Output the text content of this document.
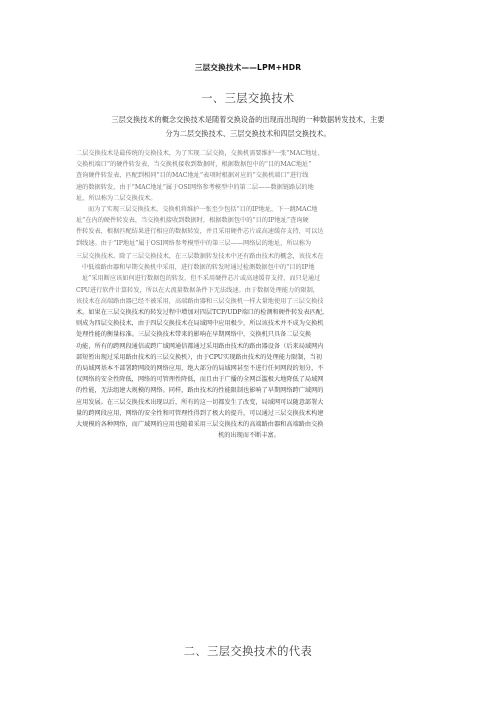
三层交换技术——LPM+HDR
一、三层交换技术
三层交换技术的概念交换技术是随着交换设备的出现而出现的一种数据转发技术，主要
分为二层交换技术、三层交换技术和四层交换技术。
二层交换技术是最传统的交换技术，为了实现二层交换，交换机需要维护一张“MAC地址、
交换机端口”的硬件转发表，当交换机接收到数据时，根据数据包中的“目的MAC地址”
查询硬件转发表，匹配到相同“目的MAC地址”表项时根据对应的“交换机端口”进行线
速的数据转发，由于“MAC地址”属于OSI网络参考模型中的第二层——数据链路层的地
址，所以称为二层交换技术。
而为了实现三层交换技术，交换机将维护一张至少包括“目的IP地址，下一跳MAC地
址”在内的硬件转发表，当交换机接收到数据时，根据数据包中的“目的IP地址”查询硬
件转发表，根据匹配结果进行相应的数据转发，并且采用硬件芯片或高速缓存支持，可以达
到线速。由于“IP地址”属于OSI网络参考模型中的第三层——网络层的地址，所以称为
三层交换技术。除了三层交换技术，在三层数据转发技术中还有路由技术的概念，该技术在
中低端路由器和早期交换机中采用，进行数据的转发时通过检测数据包中的“目的IP地
址”采用断应该如何进行数据包的转发，但不采用硬件芯片或高速缓存支持，而只是通过
CPU进行软件计算转发，所以在大流量数据条件下无法线速。由于数据处理能力的限制，
该技术在高端路由器已经不被采用，高端路由器和三层交换机一样大量地使用了三层交换技
术。如果在三层交换技术的转发过程中增加对四层TCP/UDP端口的检测和硬件转发表匹配，
则成为四层交换技术，由于四层交换技术在局域网中应用极少，所以该技术并不成为交换机
处理性能的衡量标准。三层交换技术带来的影响在早期网络中，交换机只具备二层交换
功能，所有的跨网段通信或跨广域网通信都通过采用路由技术的路由器设备（后来局域网内
部短暂出现过采用路由技术的三层交换机），由于CPU实现路由技术的处理能力限制，当初
的局域网基本不部署跨网段的网络应用，绝大部分的局域网甚至不进行任何网段的划分，不
仅网络的安全性降低，网络的可管理性降低，而且由于广播的全网泛滥极大地降低了局域网
的性能，无法组建大规模的网络。同样，路由技术的性能限制也影响了早期网络跨广域网的
应用发展。在三层交换技术出现以后，所有的这一切都发生了改变，局域网可以随意部署大
量的跨网段应用，网络的安全性和可管理性得到了极大的提升，可以通过三层交换技术构建
大规模的各种网络，而广域网的应用也随着采用三层交换技术的高端路由器和高端路由交换
机的出现而不断丰富。
二、三层交换技术的代表
